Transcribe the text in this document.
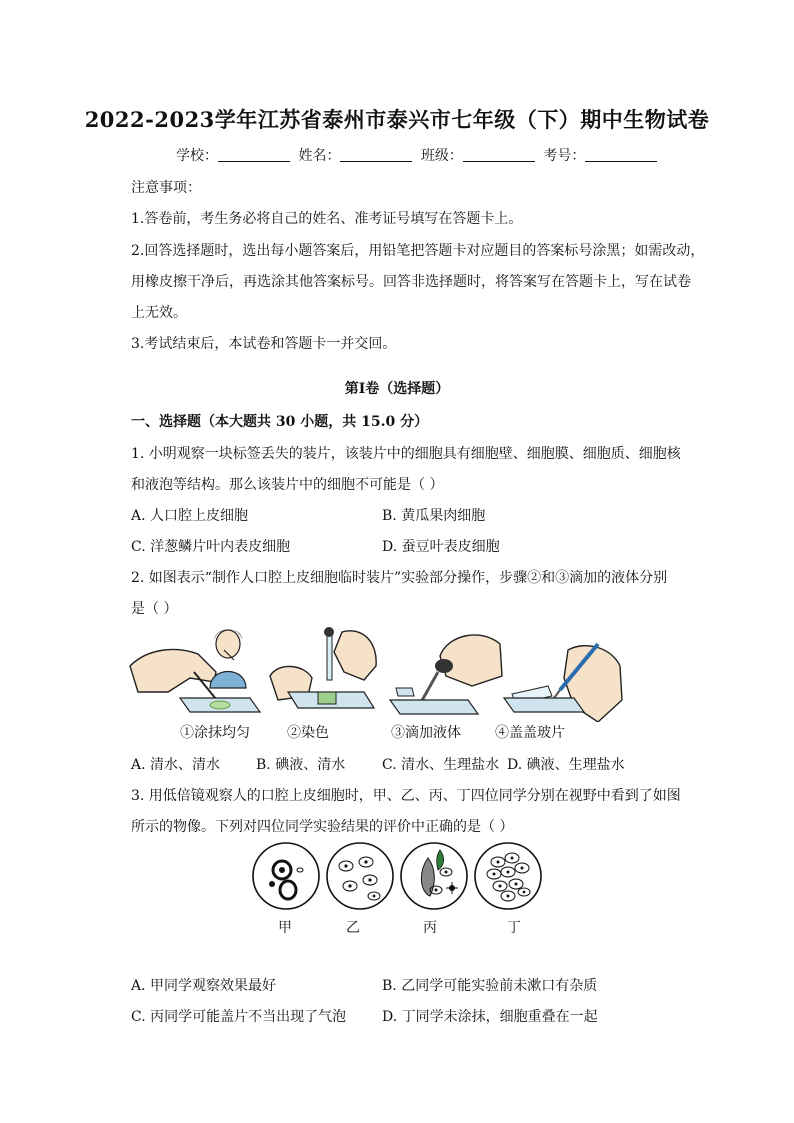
2022-2023学年江苏省泰州市泰兴市七年级（下）期中生物试卷
学校：	姓名：	班级：	考号：
注意事项：
1.答卷前，考生务必将自己的姓名、准考证号填写在答题卡上。
2.回答选择题时，选出每小题答案后，用铅笔把答题卡对应题目的答案标号涂黑；如需改动，
用橡皮擦干净后，再选涂其他答案标号。回答非选择题时，将答案写在答题卡上，写在试卷
上无效。
3.考试结束后，本试卷和答题卡一并交回。
第I卷（选择题）
一、选择题（本大题共 30 小题，共 15.0 分）
1. 小明观察一块标签丢失的装片，该装片中的细胞具有细胞壁、细胞膜、细胞质、细胞核
和液泡等结构。那么该装片中的细胞不可能是（ ）
A. 人口腔上皮细胞	B. 黄瓜果肉细胞
C. 洋葱鳞片叶内表皮细胞	D. 蚕豆叶表皮细胞
2. 如图表示“制作人口腔上皮细胞临时装片”实验部分操作，步骤②和③滴加的液体分别
是（ ）
①涂抹均匀	②染色	③滴加液体 ④盖盖玻片
A. 清水、清水	B. 碘液、清水	C. 清水、生理盐水 D. 碘液、生理盐水
3. 用低倍镜观察人的口腔上皮细胞时，甲、乙、丙、丁四位同学分别在视野中看到了如图
所示的物像。下列对四位同学实验结果的评价中正确的是（ ）
甲	乙	丙	丁
A. 甲同学观察效果最好	B. 乙同学可能实验前未漱口有杂质
C. 丙同学可能盖片不当出现了气泡	D. 丁同学未涂抹，细胞重叠在一起
